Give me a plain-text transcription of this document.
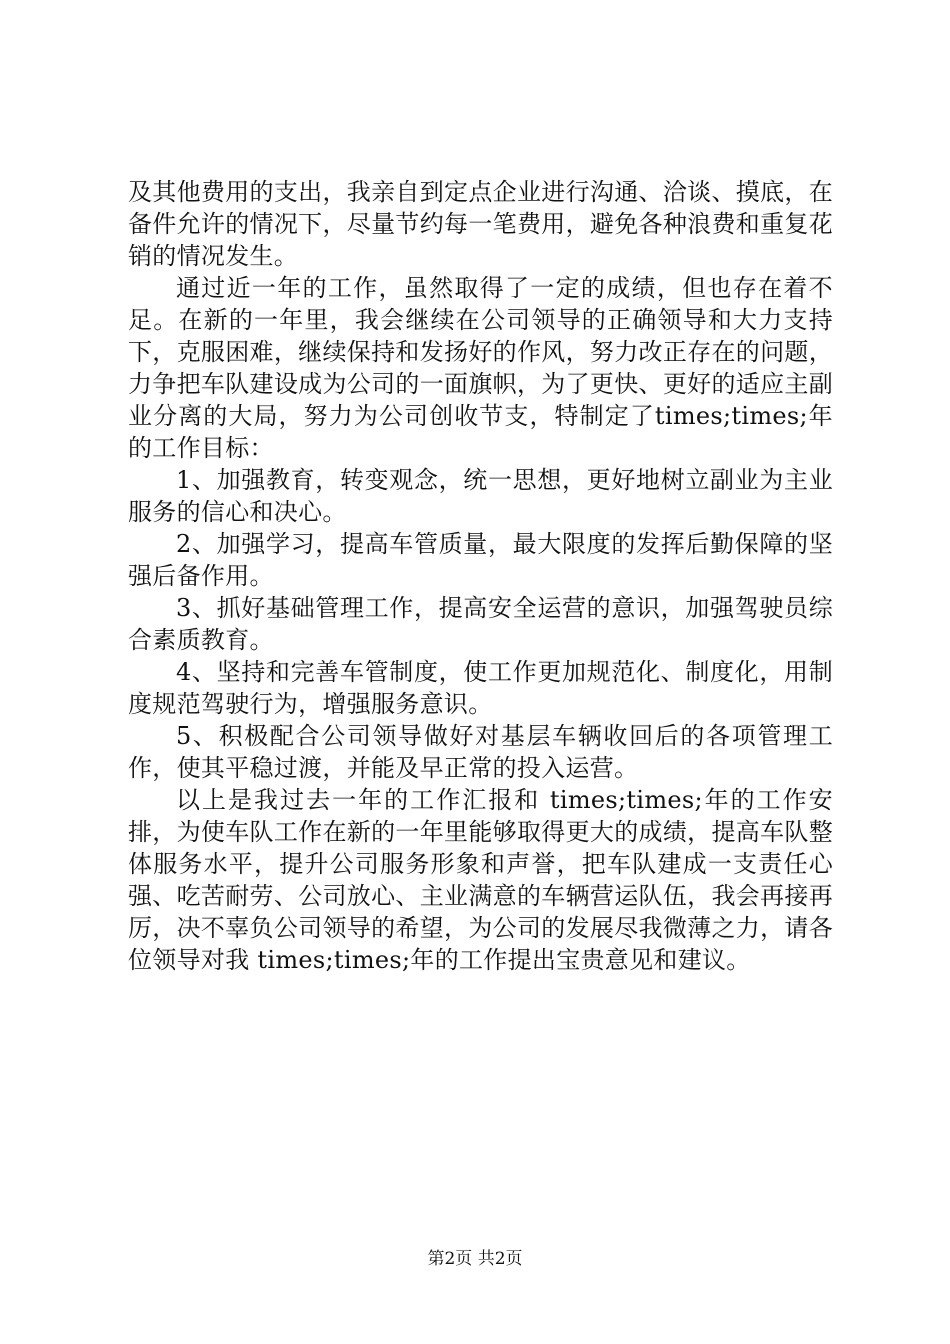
及其他费用的支出，我亲自到定点企业进行沟通、洽谈、摸底，在备件允许的情况下，尽量节约每一笔费用，避免各种浪费和重复花销的情况发生。

通过近一年的工作，虽然取得了一定的成绩，但也存在着不足。在新的一年里，我会继续在公司领导的正确领导和大力支持下，克服困难，继续保持和发扬好的作风，努力改正存在的问题，力争把车队建设成为公司的一面旗帜，为了更快、更好的适应主副业分离的大局，努力为公司创收节支，特制定了times;times;年的工作目标：

1、加强教育，转变观念，统一思想，更好地树立副业为主业服务的信心和决心。

2、加强学习，提高车管质量，最大限度的发挥后勤保障的坚强后备作用。

3、抓好基础管理工作，提高安全运营的意识，加强驾驶员综合素质教育。

4、坚持和完善车管制度，使工作更加规范化、制度化，用制度规范驾驶行为，增强服务意识。

5、积极配合公司领导做好对基层车辆收回后的各项管理工作，使其平稳过渡，并能及早正常的投入运营。

以上是我过去一年的工作汇报和 times;times;年的工作安排，为使车队工作在新的一年里能够取得更大的成绩，提高车队整体服务水平，提升公司服务形象和声誉，把车队建成一支责任心强、吃苦耐劳、公司放心、主业满意的车辆营运队伍，我会再接再厉，决不辜负公司领导的希望，为公司的发展尽我微薄之力，请各位领导对我 times;times;年的工作提出宝贵意见和建议。

第2页 共2页
